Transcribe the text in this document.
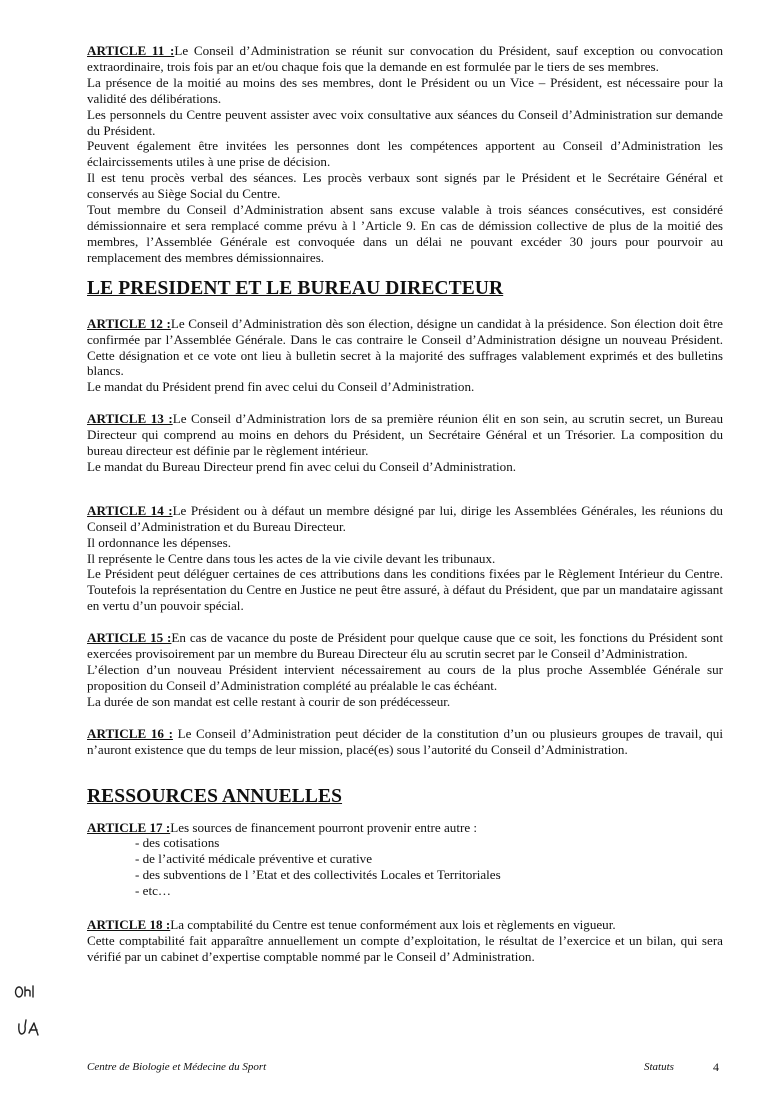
ARTICLE 11 :Le Conseil d’Administration se réunit sur convocation du Président, sauf exception ou convocation extraordinaire, trois fois par an et/ou chaque fois que la demande en est formulée par le tiers de ses membres.

La présence de la moitié au moins des ses membres, dont le Président ou un Vice – Président, est nécessaire pour la validité des délibérations.

Les personnels du Centre peuvent assister avec voix consultative aux séances du Conseil d’Administration sur demande du Président.

Peuvent également être invitées les personnes dont les compétences apportent au Conseil d’Administration les éclaircissements utiles à une prise de décision.

Il est tenu procès verbal des séances. Les procès verbaux sont signés par le Président et le Secrétaire Général et conservés au Siège Social du Centre.

Tout membre du Conseil d’Administration absent sans excuse valable à trois séances consécutives, est considéré démissionnaire et sera remplacé comme prévu à l ’Article 9. En cas de démission collective de plus de la moitié des membres, l’Assemblée Générale est convoquée dans un délai ne pouvant excéder 30 jours pour pourvoir au remplacement des membres démissionnaires.

LE PRESIDENT ET LE BUREAU DIRECTEUR

ARTICLE 12 :Le Conseil d’Administration dès son élection, désigne un candidat à la présidence. Son élection doit être confirmée par l’Assemblée Générale. Dans le cas contraire le Conseil d’Administration désigne un nouveau Président. Cette désignation et ce vote ont lieu à bulletin secret à la majorité des suffrages valablement exprimés et des bulletins blancs.

Le mandat du Président prend fin avec celui du Conseil d’Administration.

ARTICLE 13 :Le Conseil d’Administration lors de sa première réunion élit en son sein, au scrutin secret, un Bureau Directeur qui comprend au moins en dehors du Président, un Secrétaire Général et un Trésorier. La composition du bureau directeur est définie par le règlement intérieur.

Le mandat du Bureau Directeur prend fin avec celui du Conseil d’Administration.

ARTICLE 14 :Le Président ou à défaut un membre désigné par lui, dirige les Assemblées Générales, les réunions du Conseil d’Administration et du Bureau Directeur.

Il ordonnance les dépenses.

Il représente le Centre dans tous les actes de la vie civile devant les tribunaux.

Le Président peut déléguer certaines de ces attributions dans les conditions fixées par le Règlement Intérieur du Centre. Toutefois la représentation du Centre en Justice ne peut être assuré, à défaut du Président, que par un mandataire agissant en vertu d’un pouvoir spécial.

ARTICLE 15 :En cas de vacance du poste de Président pour quelque cause que ce soit, les fonctions du Président sont exercées provisoirement par un membre du Bureau Directeur élu au scrutin secret par le Conseil d’Administration.

L’élection d’un nouveau Président intervient nécessairement au cours de la plus proche Assemblée Générale sur proposition du Conseil d’Administration complété au préalable le cas échéant.

La durée de son mandat est celle restant à courir de son prédécesseur.

ARTICLE 16 : Le Conseil d’Administration peut décider de la constitution d’un ou plusieurs groupes de travail, qui n’auront existence que du temps de leur mission, placé(es) sous l’autorité du Conseil d’Administration.

RESSOURCES ANNUELLES

ARTICLE 17 :Les sources de financement pourront provenir entre autre :

- des cotisations
- de l’activité médicale préventive et curative
- des subventions de l ’Etat et des collectivités Locales et Territoriales
- etc…

ARTICLE 18 :La comptabilité du Centre est tenue conformément aux lois et règlements en vigueur.

Cette comptabilité fait apparaître annuellement un compte d’exploitation, le résultat de l’exercice et un bilan, qui sera vérifié par un cabinet d’expertise comptable nommé par le Conseil d’ Administration.

Centre de Biologie et Médecine du Sport	Statuts	4
